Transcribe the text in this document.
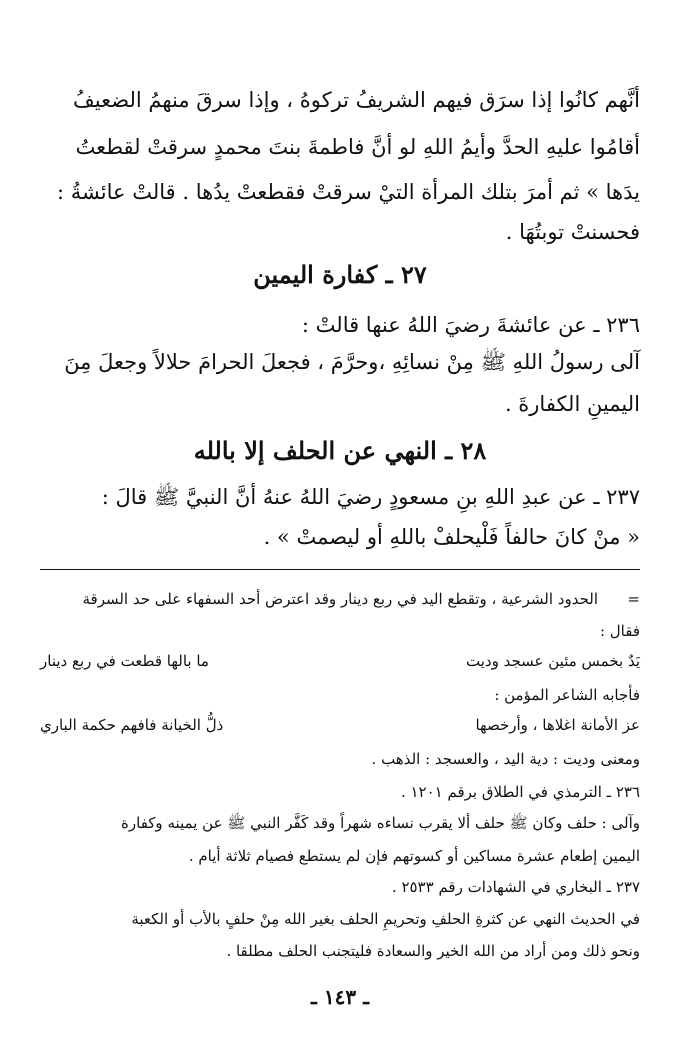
أنَّهم كانُوا إذا سرَق فيهم الشريفُ تركوهُ ، وإذا سرقَ منهمُ الضعيفُ
أقامُوا عليهِ الحدَّ وأيمُ اللهِ لو أنَّ فاطمةَ بنتَ محمدٍ سرقتْ لقطعتُ
يدَها » ثم أمرَ بتلك المرأة التيْ سرقتْ فقطعتْ يدُها . قالتْ عائشةُ :
فحسنتْ توبتُهَا .
٢٧ ـ كفارة اليمين
٢٣٦ ـ عن عائشةَ رضيَ اللهُ عنها قالتْ :
آلى رسولُ اللهِ ﷺ مِنْ نسائِهِ ،وحرَّمَ ، فجعلَ الحرامَ حلالاً وجعلَ مِنَ
اليمينِ الكفارةَ .
٢٨ ـ النهي عن الحلف إلا بالله
٢٣٧ ـ عن عبدِ اللهِ بنِ مسعودٍ رضيَ اللهُ عنهُ أنَّ النبيَّ ﷺ قالَ :
« منْ كانَ حالفاً فَلْيحلفْ باللهِ أو ليصمتْ » .
=
الحدود الشرعية ، وتقطع اليد في ربع دينار وقد اعترض أحد السفهاء على حد السرقة
فقال :
يَدٌ بخمس مئين عسجد وديت
ما بالها قطعت في ربع دينار
فأجابه الشاعر المؤمن :
عز الأمانة اغلاها ، وأرخصها
ذلُّ الخيانة فافهم حكمة الباري
ومعنى وديت : دية اليد ، والعسجد : الذهب .
٢٣٦ ـ الترمذي في الطلاق برقم ١٢٠١ .
وآلى : حلف وكان ﷺ حلف ألا يقرب نساءه شهراً وقد كَفَّر النبي ﷺ عن يمينه وكفارة
اليمين إطعام عشرة مساكين أو كسوتهم فإن لم يستطع فصيام ثلاثة أيام .
٢٣٧ ـ البخاري في الشهادات رقم ٢٥٣٣ .
في الحديث النهي عن كثرةِ الحلفِ وتحريمِ الحلف بغير الله مِنْ حلفٍ بالأب أو الكعبة
ونحو ذلك ومن أراد من الله الخير والسعادة فليتجنب الحلف مطلقا .
ـ ١٤٣ ـ
